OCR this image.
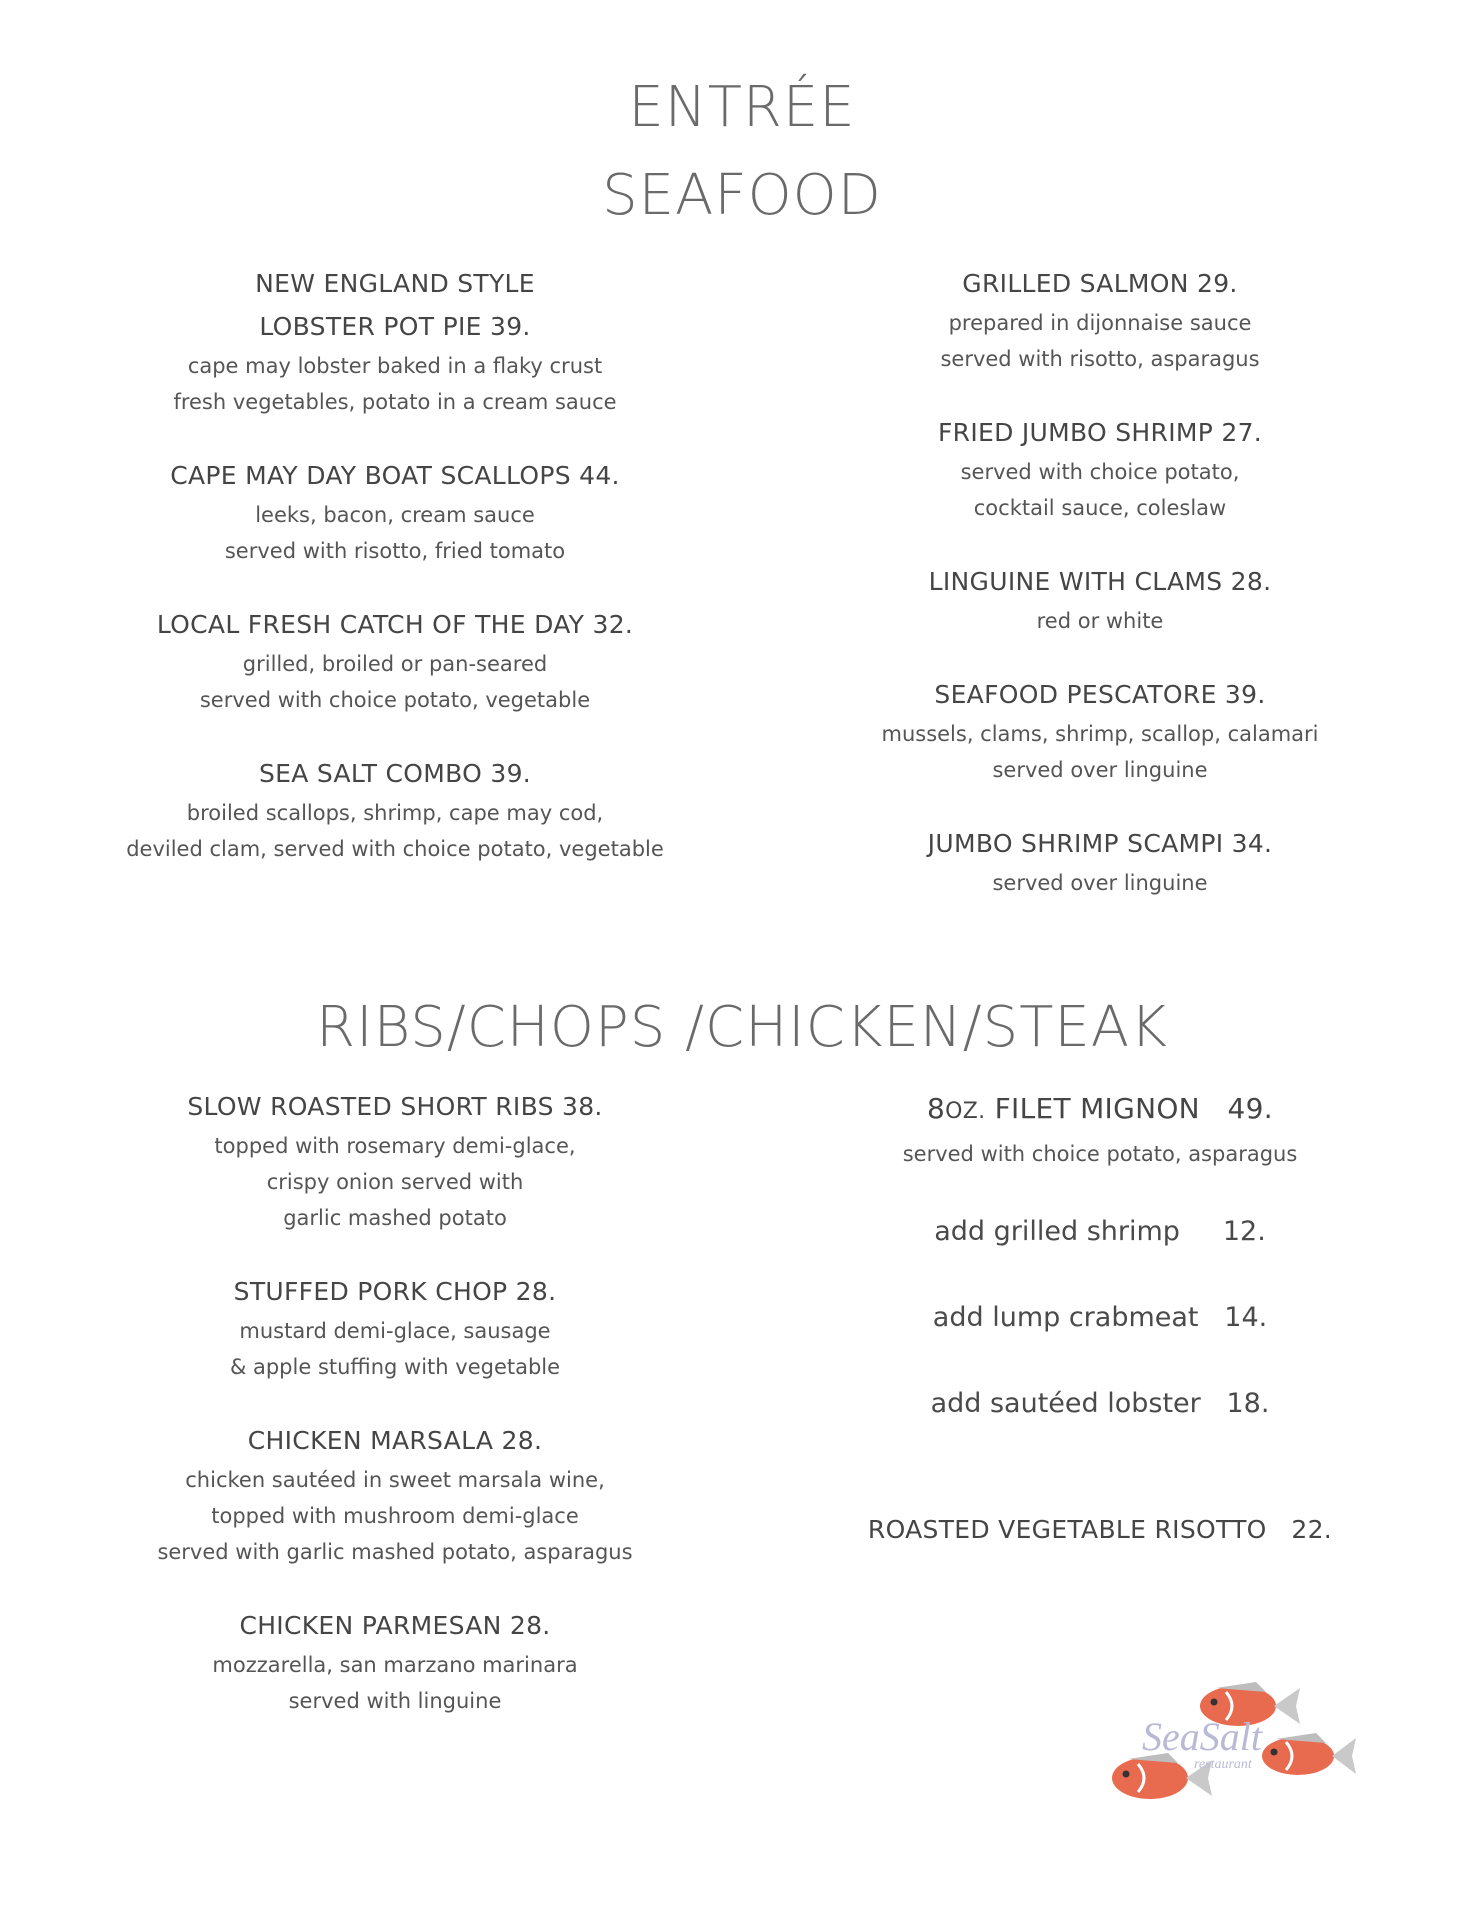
ENTRÉE
SEAFOOD
NEW ENGLAND STYLE
LOBSTER POT PIE 39.
cape may lobster baked in a flaky crust
fresh vegetables, potato in a cream sauce
CAPE MAY DAY BOAT SCALLOPS 44.
leeks, bacon, cream sauce
served with risotto, fried tomato
LOCAL FRESH CATCH OF THE DAY 32.
grilled, broiled or pan-seared
served with choice potato, vegetable
SEA SALT COMBO 39.
broiled scallops, shrimp, cape may cod,
deviled clam, served with choice potato, vegetable
GRILLED SALMON 29.
prepared in dijonnaise sauce
served with risotto, asparagus
FRIED JUMBO SHRIMP 27.
served with choice potato,
cocktail sauce, coleslaw
LINGUINE WITH CLAMS 28.
red or white
SEAFOOD PESCATORE 39.
mussels, clams, shrimp, scallop, calamari
served over linguine
JUMBO SHRIMP SCAMPI 34.
served over linguine
RIBS/CHOPS /CHICKEN/STEAK
SLOW ROASTED SHORT RIBS 38.
topped with rosemary demi-glace,
crispy onion served with
garlic mashed potato
STUFFED PORK CHOP 28.
mustard demi-glace, sausage
& apple stuffing with vegetable
CHICKEN MARSALA 28.
chicken sautéed in sweet marsala wine,
topped with mushroom demi-glace
served with garlic mashed potato, asparagus
CHICKEN PARMESAN 28.
mozzarella, san marzano marinara
served with linguine
8OZ. FILET MIGNON   49.
served with choice potato, asparagus
add grilled shrimp     12.
add lump crabmeat   14.
add sautéed lobster   18.
ROASTED VEGETABLE RISOTTO   22.
SeaSalt
restaurant
